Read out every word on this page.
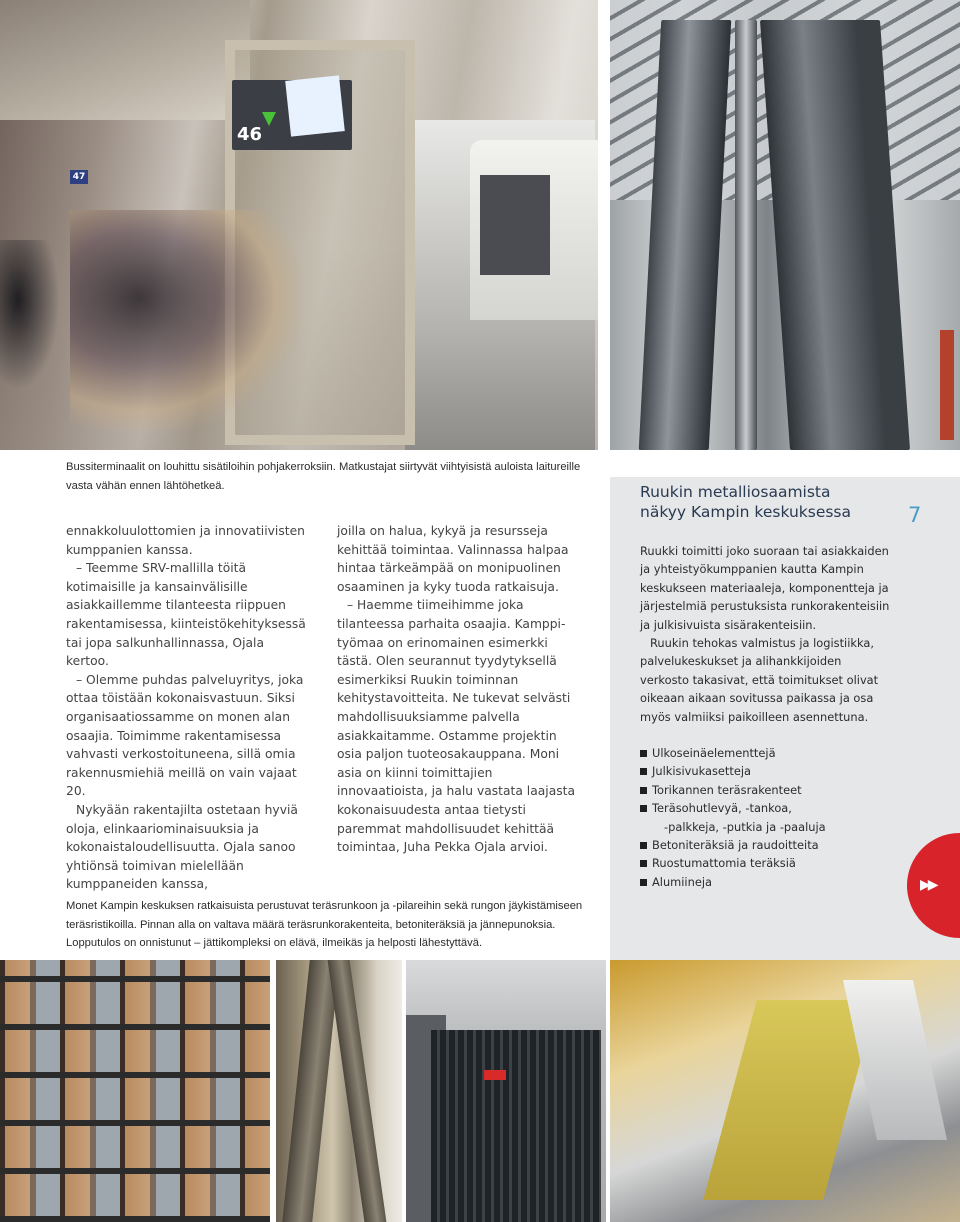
46
47
Bussiterminaalit on louhittu sisätiloihin pohjakerroksiin. Matkustajat siirtyvät viihtyisistä auloista laitureille vasta vähän ennen lähtöhetkeä.

ennakkoluulottomien ja innovatiivisten kumppanien kanssa.

– Teemme SRV-mallilla töitä kotimaisille ja kansainvälisille asiakkaillemme tilanteesta riippuen rakentamisessa, kiinteistökehityksessä tai jopa salkunhallinnassa, Ojala kertoo.

– Olemme puhdas palveluyritys, joka ottaa töistään kokonaisvastuun. Siksi organisaatiossamme on monen alan osaajia. Toimimme rakentamisessa vahvasti verkostoituneena, sillä omia rakennusmiehiä meillä on vain vajaat 20.

Nykyään rakentajilta ostetaan hyviä oloja, elinkaariominaisuuksia ja kokonaistaloudellisuutta. Ojala sanoo yhtiönsä toimivan mielellään kumppaneiden kanssa,

joilla on halua, kykyä ja resursseja kehittää toimintaa. Valinnassa halpaa hintaa tärkeämpää on monipuolinen osaaminen ja kyky tuoda ratkaisuja.

– Haemme tiimeihimme joka tilanteessa parhaita osaajia. Kamppi-työmaa on erinomainen esimerkki tästä. Olen seurannut tyydytyksellä esimerkiksi Ruukin toiminnan kehitystavoitteita. Ne tukevat selvästi mahdollisuuksiamme palvella asiakkaitamme. Ostamme projektin osia paljon tuoteosakauppana. Moni asia on kiinni toimittajien innovaatioista, ja halu vastata laajasta kokonaisuudesta antaa tietysti paremmat mahdollisuudet kehittää toimintaa, Juha Pekka Ojala arvioi.

Ruukin metalliosaamista
näkyy Kampin keskuksessa	7

Ruukki toimitti joko suoraan tai asiakkaiden ja yhteistyökumppanien kautta Kampin keskukseen materiaaleja, komponentteja ja järjestelmiä perustuksista runkorakenteisiin ja julkisivuista sisärakenteisiin.

Ruukin tehokas valmistus ja logistiikka, palvelukeskukset ja alihankkijoiden verkosto takasivat, että toimitukset olivat oikeaan aikaan sovitussa paikassa ja osa myös valmiiksi paikoilleen asennettuna.

Ulkoseinäelementtejä
Julkisivukasetteja
Torikannen teräsrakenteet
Teräsohutlevyä, -tankoa,
-palkkeja, -putkia ja -paaluja
Betoniteräksiä ja raudoitteita
Ruostumattomia teräksiä
Alumiineja	▶▶
Monet Kampin keskuksen ratkaisuista perustuvat teräsrunkoon ja -pilareihin sekä rungon jäykistämiseen teräsristikoilla. Pinnan alla on valtava määrä teräsrunkorakenteita, betoniteräksiä ja jännepunoksia. Lopputulos on onnistunut – jättikompleksi on elävä, ilmeikäs ja helposti lähestyttävä.
